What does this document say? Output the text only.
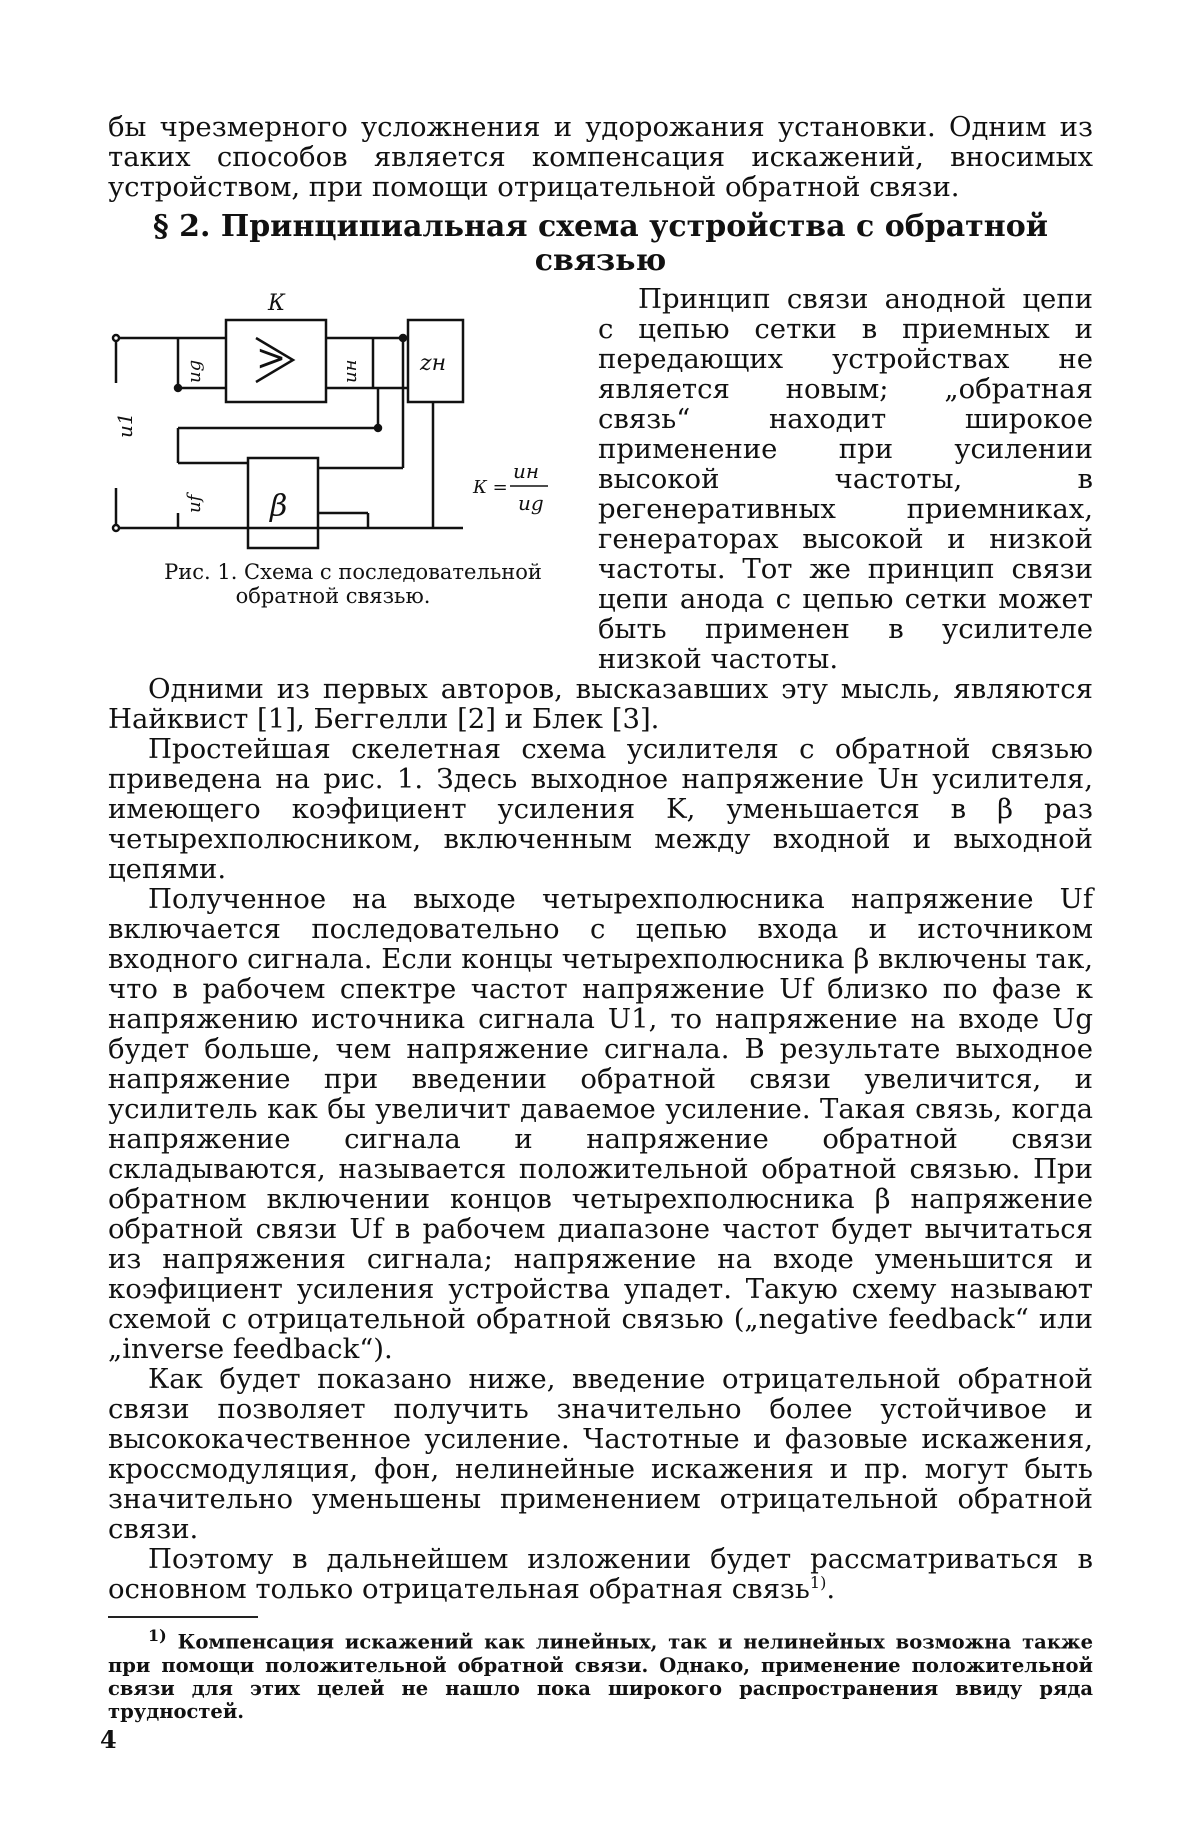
бы чрезмерного усложнения и удорожания установки. Одним из таких способов является компенсация искажений, вносимых устройством, при помощи отрицательной обратной связи.

§ 2. Принципиальная схема устройства с обратной связью

К
>
β
zн
u1
ug	uн
uf
К =
uн
ug
Рис. 1. Схема с последовательной обратной связью.
Принцип связи анодной цепи с цепью сетки в приемных и передающих устройствах не является новым; „обратная связь“ находит широкое применение при усилении высокой частоты, в регенеративных приемниках, генераторах высокой и низкой частоты. Тот же принцип связи цепи анода с цепью сетки может быть применен в усилителе низкой частоты.

Одними из первых авторов, высказавших эту мысль, являются Найквист [1], Беггелли [2] и Блек [3].

Простейшая скелетная схема усилителя с обратной связью приведена на рис. 1. Здесь выходное напряжение Uн усилителя, имеющего коэфициент усиления K, уменьшается в β раз четырехполюсником, включенным между входной и выходной цепями.

Полученное на выходе четырехполюсника напряжение Uf включается последовательно с цепью входа и источником входного сигнала. Если концы четырехполюсника β включены так, что в рабочем спектре частот напряжение Uf близко по фазе к напряжению источника сигнала U1, то напряжение на входе Ug будет больше, чем напряжение сигнала. В результате выходное напряжение при введении обратной связи увеличится, и усилитель как бы увеличит даваемое усиление. Такая связь, когда напряжение сигнала и напряжение обратной связи складываются, называется положительной обратной связью. При обратном включении концов четырехполюсника β напряжение обратной связи Uf в рабочем диапазоне частот будет вычитаться из напряжения сигнала; напряжение на входе уменьшится и коэфициент усиления устройства упадет. Такую схему называют схемой с отрицательной обратной связью („negative feedback“ или „inverse feedback“).

Как будет показано ниже, введение отрицательной обратной связи позволяет получить значительно более устойчивое и высококачественное усиление. Частотные и фазовые искажения, кроссмодуляция, фон, нелинейные искажения и пр. могут быть значительно уменьшены применением отрицательной обратной связи.

Поэтому в дальнейшем изложении будет рассматриваться в основном только отрицательная обратная связь$^{1)}$.

$^{1)}$ Компенсация искажений как линейных, так и нелинейных возможна также при помощи положительной обратной связи. Однако, применение положительной связи для этих целей не нашло пока широкого распространения ввиду ряда трудностей.

4
